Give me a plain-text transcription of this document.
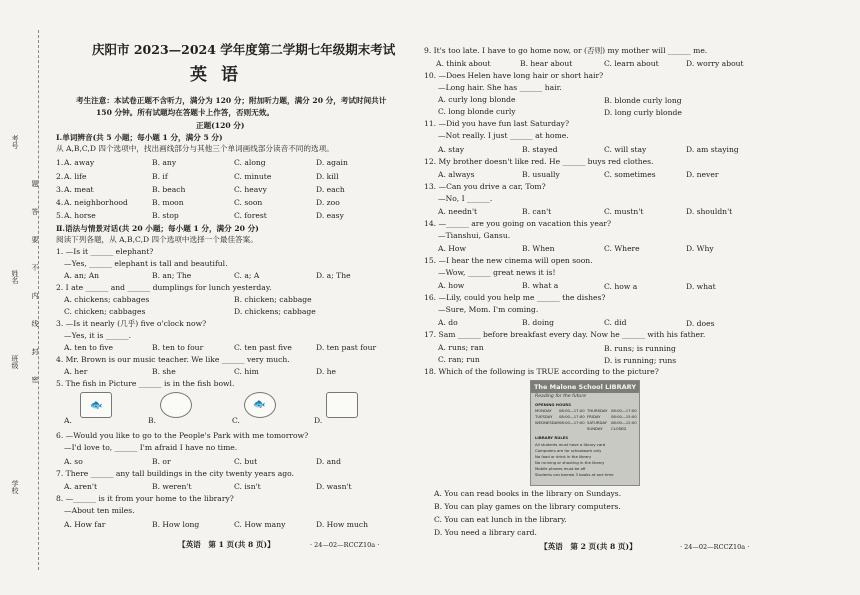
考号
姓名
班级
学校
题
答
要
不
内
线
封
密
庆阳市 2023—2024 学年度第二学期七年级期末考试
英语
考生注意：本试卷正题不含听力，满分为 120 分；附加听力题，满分 20 分，考试时间共计
150 分钟。所有试题均在答题卡上作答，否则无效。
正题(120 分)
Ⅰ.单词辨音(共 5 小题；每小题 1 分，满分 5 分)
从 A,B,C,D 四个选项中，找出画线部分与其他三个单词画线部分读音不同的选项。
1. A. away	B. any	C. along	D. again
2. A. life	B. if	C. minute	D. kill
3. A. meat	B. beach	C. heavy	D. each
4. A. neighborhood	B. moon	C. soon	D. zoo
5. A. horse	B. stop	C. forest	D. easy
Ⅱ.语法与情景对话(共 20 小题；每小题 1 分，满分 20 分)
阅读下列各题，从 A,B,C,D 四个选项中选择一个最佳答案。
1. —Is it ______ elephant?
—Yes, ______ elephant is tall and beautiful.
A. an; An	B. an; The	C. a; A	D. a; The
2. I ate ______ and ______ dumplings for lunch yesterday.
A. chickens; cabbages	B. chicken; cabbage
C. chicken; cabbages	D. chickens; cabbage
3. —Is it nearly (几乎) five o'clock now?
—Yes, it is ______.
A. ten to five	B. ten to four	C. ten past five	D. ten past four
4. Mr. Brown is our music teacher. We like ______ very much.
A. her	B. she	C. him	D. he
5. The fish in Picture ______ is in the fish bowl.
🐟	🐟
A.	B.	C.	D.
6. —Would you like to go to the People's Park with me tomorrow?
—I'd love to, ______ I'm afraid I have no time.
A. so	B. or	C. but	D. and
7. There ______ any tall buildings in the city twenty years ago.
A. aren't	B. weren't	C. isn't	D. wasn't
8. —______ is it from your home to the library?
—About ten miles.
A. How far	B. How long	C. How many	D. How much
【英语　第 1 页(共 8 页)】	· 24—02—RCCZ10a ·
9. It's too late. I have to go home now, or (否则) my mother will ______ me.
A. think about	B. hear about	C. learn about	D. worry about
10. —Does Helen have long hair or short hair?
—Long hair. She has ______ hair.
A. curly long blonde	B. blonde curly long
C. long blonde curly	D. long curly blonde
11. —Did you have fun last Saturday?
—Not really. I just ______ at home.
A. stay	B. stayed	C. will stay	D. am staying
12. My brother doesn't like red. He ______ buys red clothes.
A. always	B. usually	C. sometimes	D. never
13. —Can you drive a car, Tom?
—No, I ______.
A. needn't	B. can't	C. mustn't	D. shouldn't
14. —______ are you going on vacation this year?
—Tianshui, Gansu.
A. How	B. When	C. Where	D. Why
15. —I hear the new cinema will open soon.
—Wow, ______ great news it is!
A. how	B. what a	C. how a	D. what
16. —Lily, could you help me ______ the dishes?
—Sure, Mom. I'm coming.
A. do	B. doing	C. did	D. does
17. Sam ______ before breakfast every day. Now he ______ with his father.
A. runs; ran	B. runs; is running
C. ran; run	D. is running; runs
18. Which of the following is TRUE according to the picture?
The Malone School LIBRARY
Reading for the future
OPENING HOURS
MONDAY 08:00—17:00 THURSDAY 08:00—17:00
TUESDAY 08:00—17:00 FRIDAY	08:00—15:00
WEDNESDAY 08:00—17:00 SATURDAY 08:00—12:00
SUNDAY CLOSED
LIBRARY RULES
All students must have a library card
Computers are for schoolwork only
No food or drink in the library
No running or shouting in the library
Mobile phones must be off
Students can borrow 3 books at one time
A. You can read books in the library on Sundays.
B. You can play games on the library computers.
C. You can eat lunch in the library.
D. You need a library card.
【英语　第 2 页(共 8 页)】	· 24—02—RCCZ10a ·
